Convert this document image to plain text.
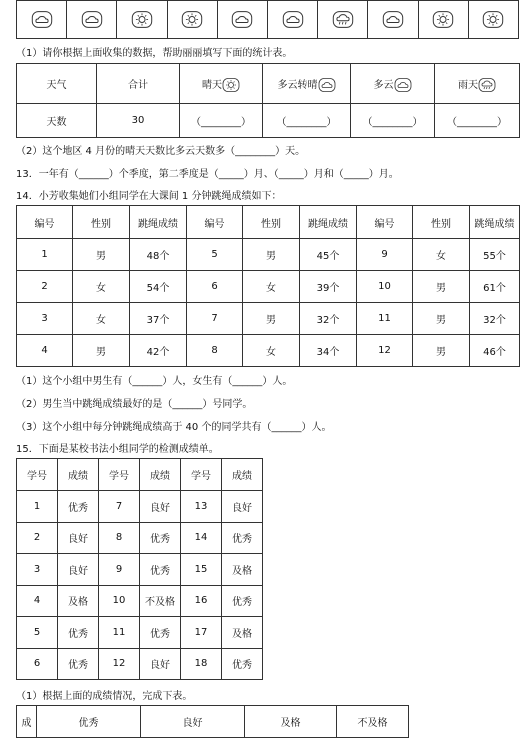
（1）请你根据上面收集的数据，帮助丽丽填写下面的统计表。
天气	合计	晴天	多云转晴	多云	雨天

天数	30	（________）	（________）	（________）	（________）
（2）这个地区 4 月份的晴天天数比多云天数多（________）天。
13．一年有（______）个季度，第二季度是（_____）月、（_____）月和（_____）月。
14．小芳收集她们小组同学在大课间 1 分钟跳绳成绩如下：
编号	性别	跳绳成绩	编号	性别	跳绳成绩	编号	性别	跳绳成绩
1	男	48个	5	男	45个	9	女	55个
2	女	54个	6	女	39个	10	男	61个
3	女	37个	7	男	32个	11	男	32个
4	男	42个	8	女	34个	12	男	46个
（1）这个小组中男生有（______）人，女生有（______）人。
（2）男生当中跳绳成绩最好的是（______）号同学。
（3）这个小组中每分钟跳绳成绩高于 40 个的同学共有（______）人。
15．下面是某校书法小组同学的检测成绩单。
学号	成绩	学号	成绩	学号	成绩
1	优秀	7	良好	13	良好
2	良好	8	优秀	14	优秀
3	良好	9	优秀	15	及格
4	及格	10	不及格	16	优秀
5	优秀	11	优秀	17	及格
6	优秀	12	良好	18	优秀
（1）根据上面的成绩情况，完成下表。
成	优秀	良好	及格	不及格
